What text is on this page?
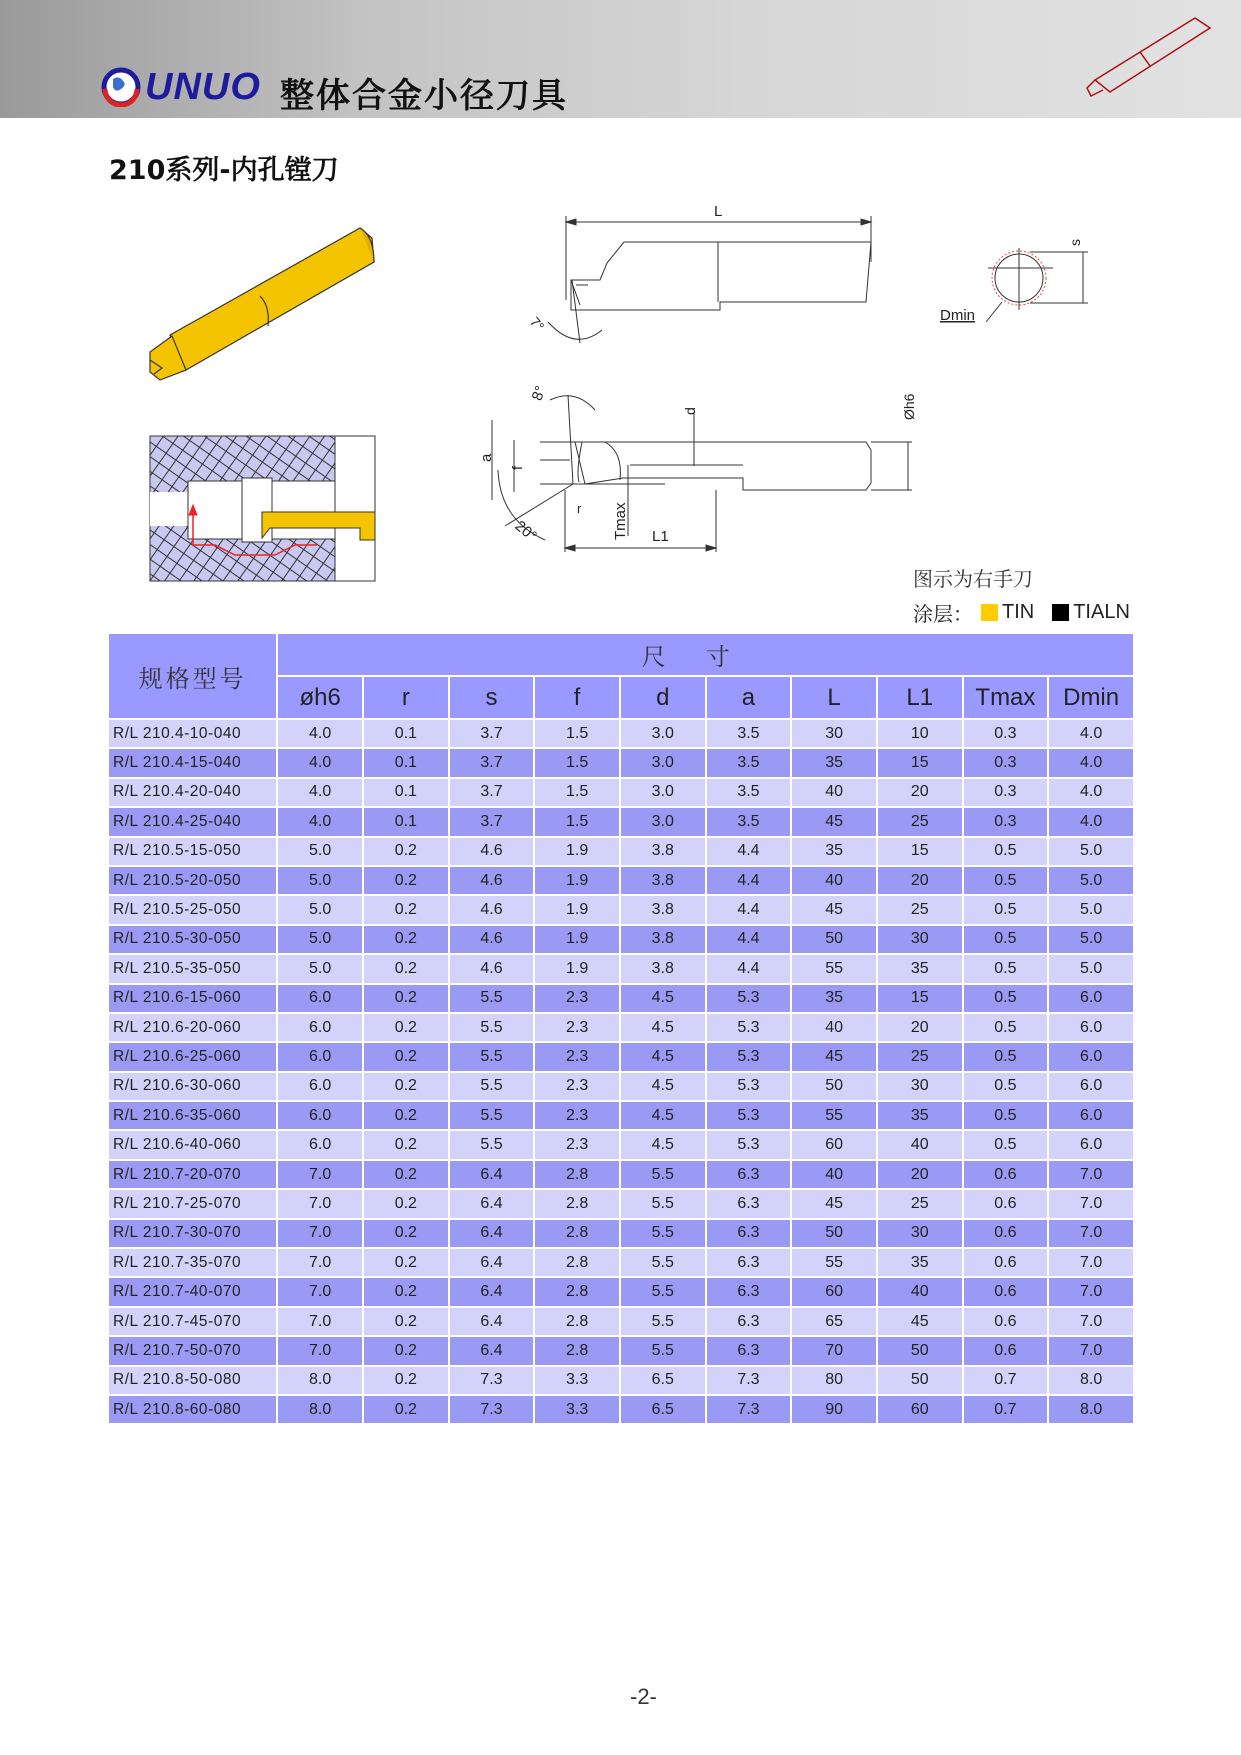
UNUO 整体合金小径刀具
210系列-内孔镗刀
L
7°
s
Dmin
a
f
d	Øh6
8°
20°
r Tmax L1
图示为右手刀
涂层： TIN TIALN
规格型号	尺寸									
	øh6	r	s	f	d	a	L	L1	Tmax	Dmin
R/L 210.4-10-040	4.0	0.1	3.7	1.5	3.0	3.5	30	10	0.3	4.0
R/L 210.4-15-040	4.0	0.1	3.7	1.5	3.0	3.5	35	15	0.3	4.0
R/L 210.4-20-040	4.0	0.1	3.7	1.5	3.0	3.5	40	20	0.3	4.0
R/L 210.4-25-040	4.0	0.1	3.7	1.5	3.0	3.5	45	25	0.3	4.0
R/L 210.5-15-050	5.0	0.2	4.6	1.9	3.8	4.4	35	15	0.5	5.0
R/L 210.5-20-050	5.0	0.2	4.6	1.9	3.8	4.4	40	20	0.5	5.0
R/L 210.5-25-050	5.0	0.2	4.6	1.9	3.8	4.4	45	25	0.5	5.0
R/L 210.5-30-050	5.0	0.2	4.6	1.9	3.8	4.4	50	30	0.5	5.0
R/L 210.5-35-050	5.0	0.2	4.6	1.9	3.8	4.4	55	35	0.5	5.0
R/L 210.6-15-060	6.0	0.2	5.5	2.3	4.5	5.3	35	15	0.5	6.0
R/L 210.6-20-060	6.0	0.2	5.5	2.3	4.5	5.3	40	20	0.5	6.0
R/L 210.6-25-060	6.0	0.2	5.5	2.3	4.5	5.3	45	25	0.5	6.0
R/L 210.6-30-060	6.0	0.2	5.5	2.3	4.5	5.3	50	30	0.5	6.0
R/L 210.6-35-060	6.0	0.2	5.5	2.3	4.5	5.3	55	35	0.5	6.0
R/L 210.6-40-060	6.0	0.2	5.5	2.3	4.5	5.3	60	40	0.5	6.0
R/L 210.7-20-070	7.0	0.2	6.4	2.8	5.5	6.3	40	20	0.6	7.0
R/L 210.7-25-070	7.0	0.2	6.4	2.8	5.5	6.3	45	25	0.6	7.0
R/L 210.7-30-070	7.0	0.2	6.4	2.8	5.5	6.3	50	30	0.6	7.0
R/L 210.7-35-070	7.0	0.2	6.4	2.8	5.5	6.3	55	35	0.6	7.0
R/L 210.7-40-070	7.0	0.2	6.4	2.8	5.5	6.3	60	40	0.6	7.0
R/L 210.7-45-070	7.0	0.2	6.4	2.8	5.5	6.3	65	45	0.6	7.0
R/L 210.7-50-070	7.0	0.2	6.4	2.8	5.5	6.3	70	50	0.6	7.0
R/L 210.8-50-080	8.0	0.2	7.3	3.3	6.5	7.3	80	50	0.7	8.0
R/L 210.8-60-080	8.0	0.2	7.3	3.3	6.5	7.3	90	60	0.7	8.0
-2-
